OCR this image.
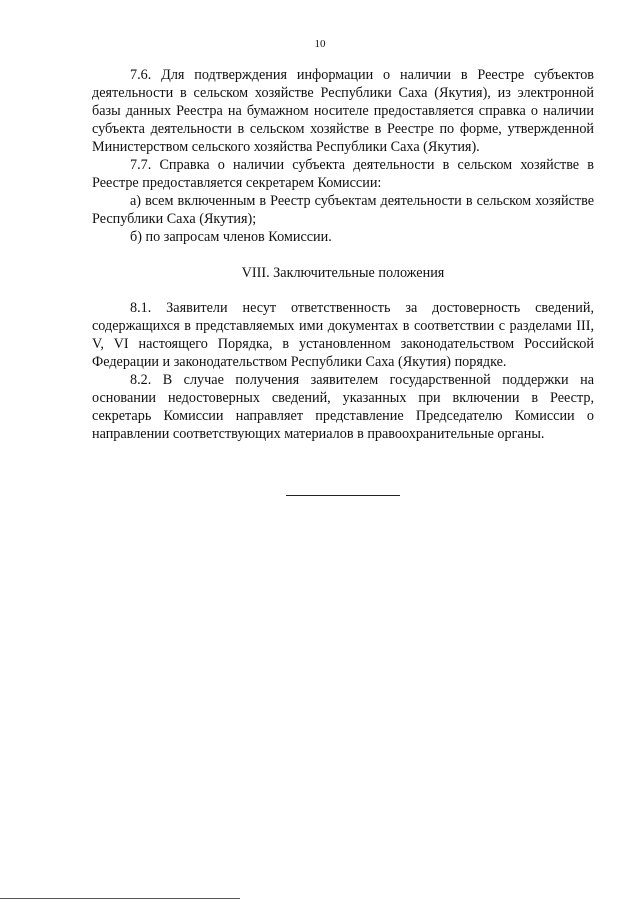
10

7.6. Для подтверждения информации о наличии в Реестре субъектов деятельности в сельском хозяйстве Республики Саха (Якутия), из электронной базы данных Реестра на бумажном носителе предоставляется справка о наличии субъекта деятельности в сельском хозяйстве в Реестре по форме, утвержденной Министерством сельского хозяйства Республики Саха (Якутия).

7.7. Справка о наличии субъекта деятельности в сельском хозяйстве в Реестре предоставляется секретарем Комиссии:

а) всем включенным в Реестр субъектам деятельности в сельском хозяйстве Республики Саха (Якутия);

б) по запросам членов Комиссии.

VIII. Заключительные положения

8.1. Заявители несут ответственность за достоверность сведений, содержащихся в представляемых ими документах в соответствии с разделами III, V, VI настоящего Порядка, в установленном законодательством Российской Федерации и законодательством Республики Саха (Якутия) порядке.

8.2. В случае получения заявителем государственной поддержки на основании недостоверных сведений, указанных при включении в Реестр, секретарь Комиссии направляет представление Председателю Комиссии о направлении соответствующих материалов в правоохранительные органы.
